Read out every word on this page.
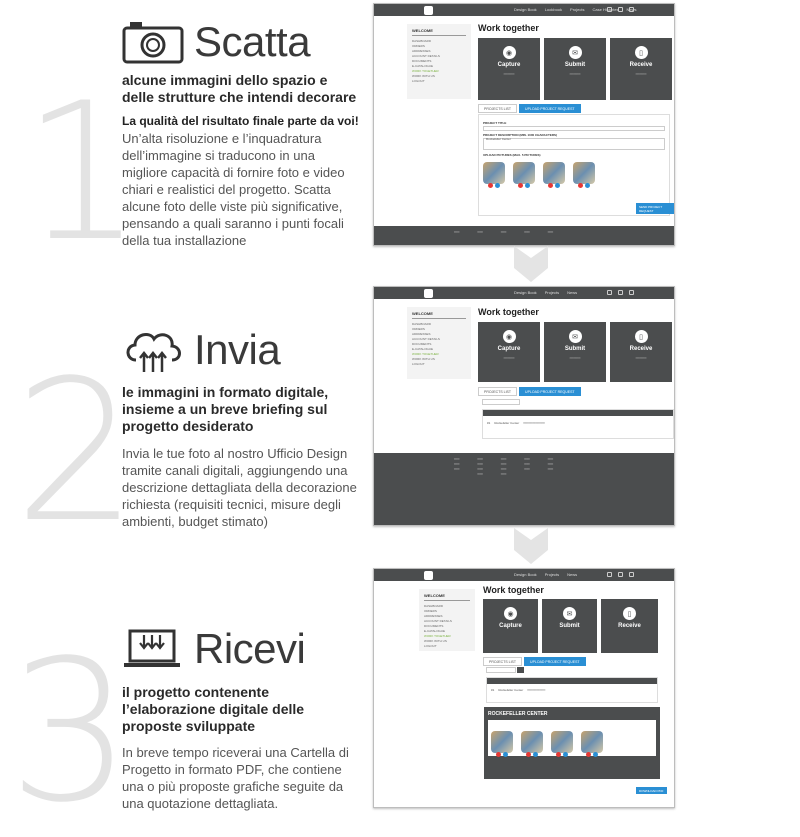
1
Scatta
alcune immagini dello spazio e delle strutture che intendi decorare
La qualità del risultato finale parte da voi!
Un’alta risoluzione e l’inquadratura dell’immagine si traducono in una migliore capacità di fornire foto e video chiari e realistici del progetto. Scatta alcune foto delle viste più significative, pensando a quali saranno i punti focali della tua installazione
Design Book Lookbook Projects Case Histories News
WELCOME
DASHBOARD
ORDERS
ADDRESSES
ACCOUNT DETAILS
DOCUMENTS
E-CATALOGUE
WORK TOGETHER
WORK WITH US
LOGOUT
Work together
◉
Capture
━━━━━━
✉
Submit
━━━━━━
▯
Receive
━━━━━━
PROJECTS LIST	UPLOAD PROJECT REQUEST
PROJECT TITLE
Rockefeller Center
PROJECT DESCRIPTION (MIN. 1000 CHARACTERS)
UPLOAD PICTURES (MAX. 5 PICTURES)
SEND PROJECT REQUEST
━━━	━━━	━━━	━━━	━━━
2 Invia
le immagini in formato digitale, insieme a un breve briefing sul progetto desiderato
Invia le tue foto al nostro Ufficio Design tramite canali digitali, aggiungendo una descrizione dettagliata della decorazione richiesta (requisiti tecnici, misure degli ambienti, budget stimato)
Design Book Projects News
WELCOME
DASHBOARD
ORDERS
ADDRESSES
ACCOUNT DETAILS
DOCUMENTS
E-CATALOGUE
WORK TOGETHER
WORK WITH US
LOGOUT
Work together
◉
Capture
━━━━━━
✉
Submit
━━━━━━
▯
Receive
━━━━━━
PROJECTS LIST	UPLOAD PROJECT REQUEST
#1 Rockefeller Center ━━━━━━━━━━━━
━━━
━━━
━━━
━━━
━━━
━━━
━━━
━━━
━━━
━━━
━━━
━━━
━━━
━━━
━━━
━━━
━━━
3 Ricevi
il progetto contenente l’elaborazione digitale delle proposte sviluppate
In breve tempo riceverai una Cartella di Progetto in formato PDF, che contiene una o più proposte grafiche seguite da una quotazione dettagliata.
Design Book Projects News
WELCOME
DASHBOARD
ORDERS
ADDRESSES
ACCOUNT DETAILS
DOCUMENTS
E-CATALOGUE
WORK TOGETHER
WORK WITH US
LOGOUT
Work together
◉
Capture
✉
Submit
▯
Receive
PROJECTS LIST	UPLOAD PROJECT REQUEST
#1 Rockefeller Center ━━━━━━━━━━
ROCKEFELLER CENTER
DOWNLOAD PDF
